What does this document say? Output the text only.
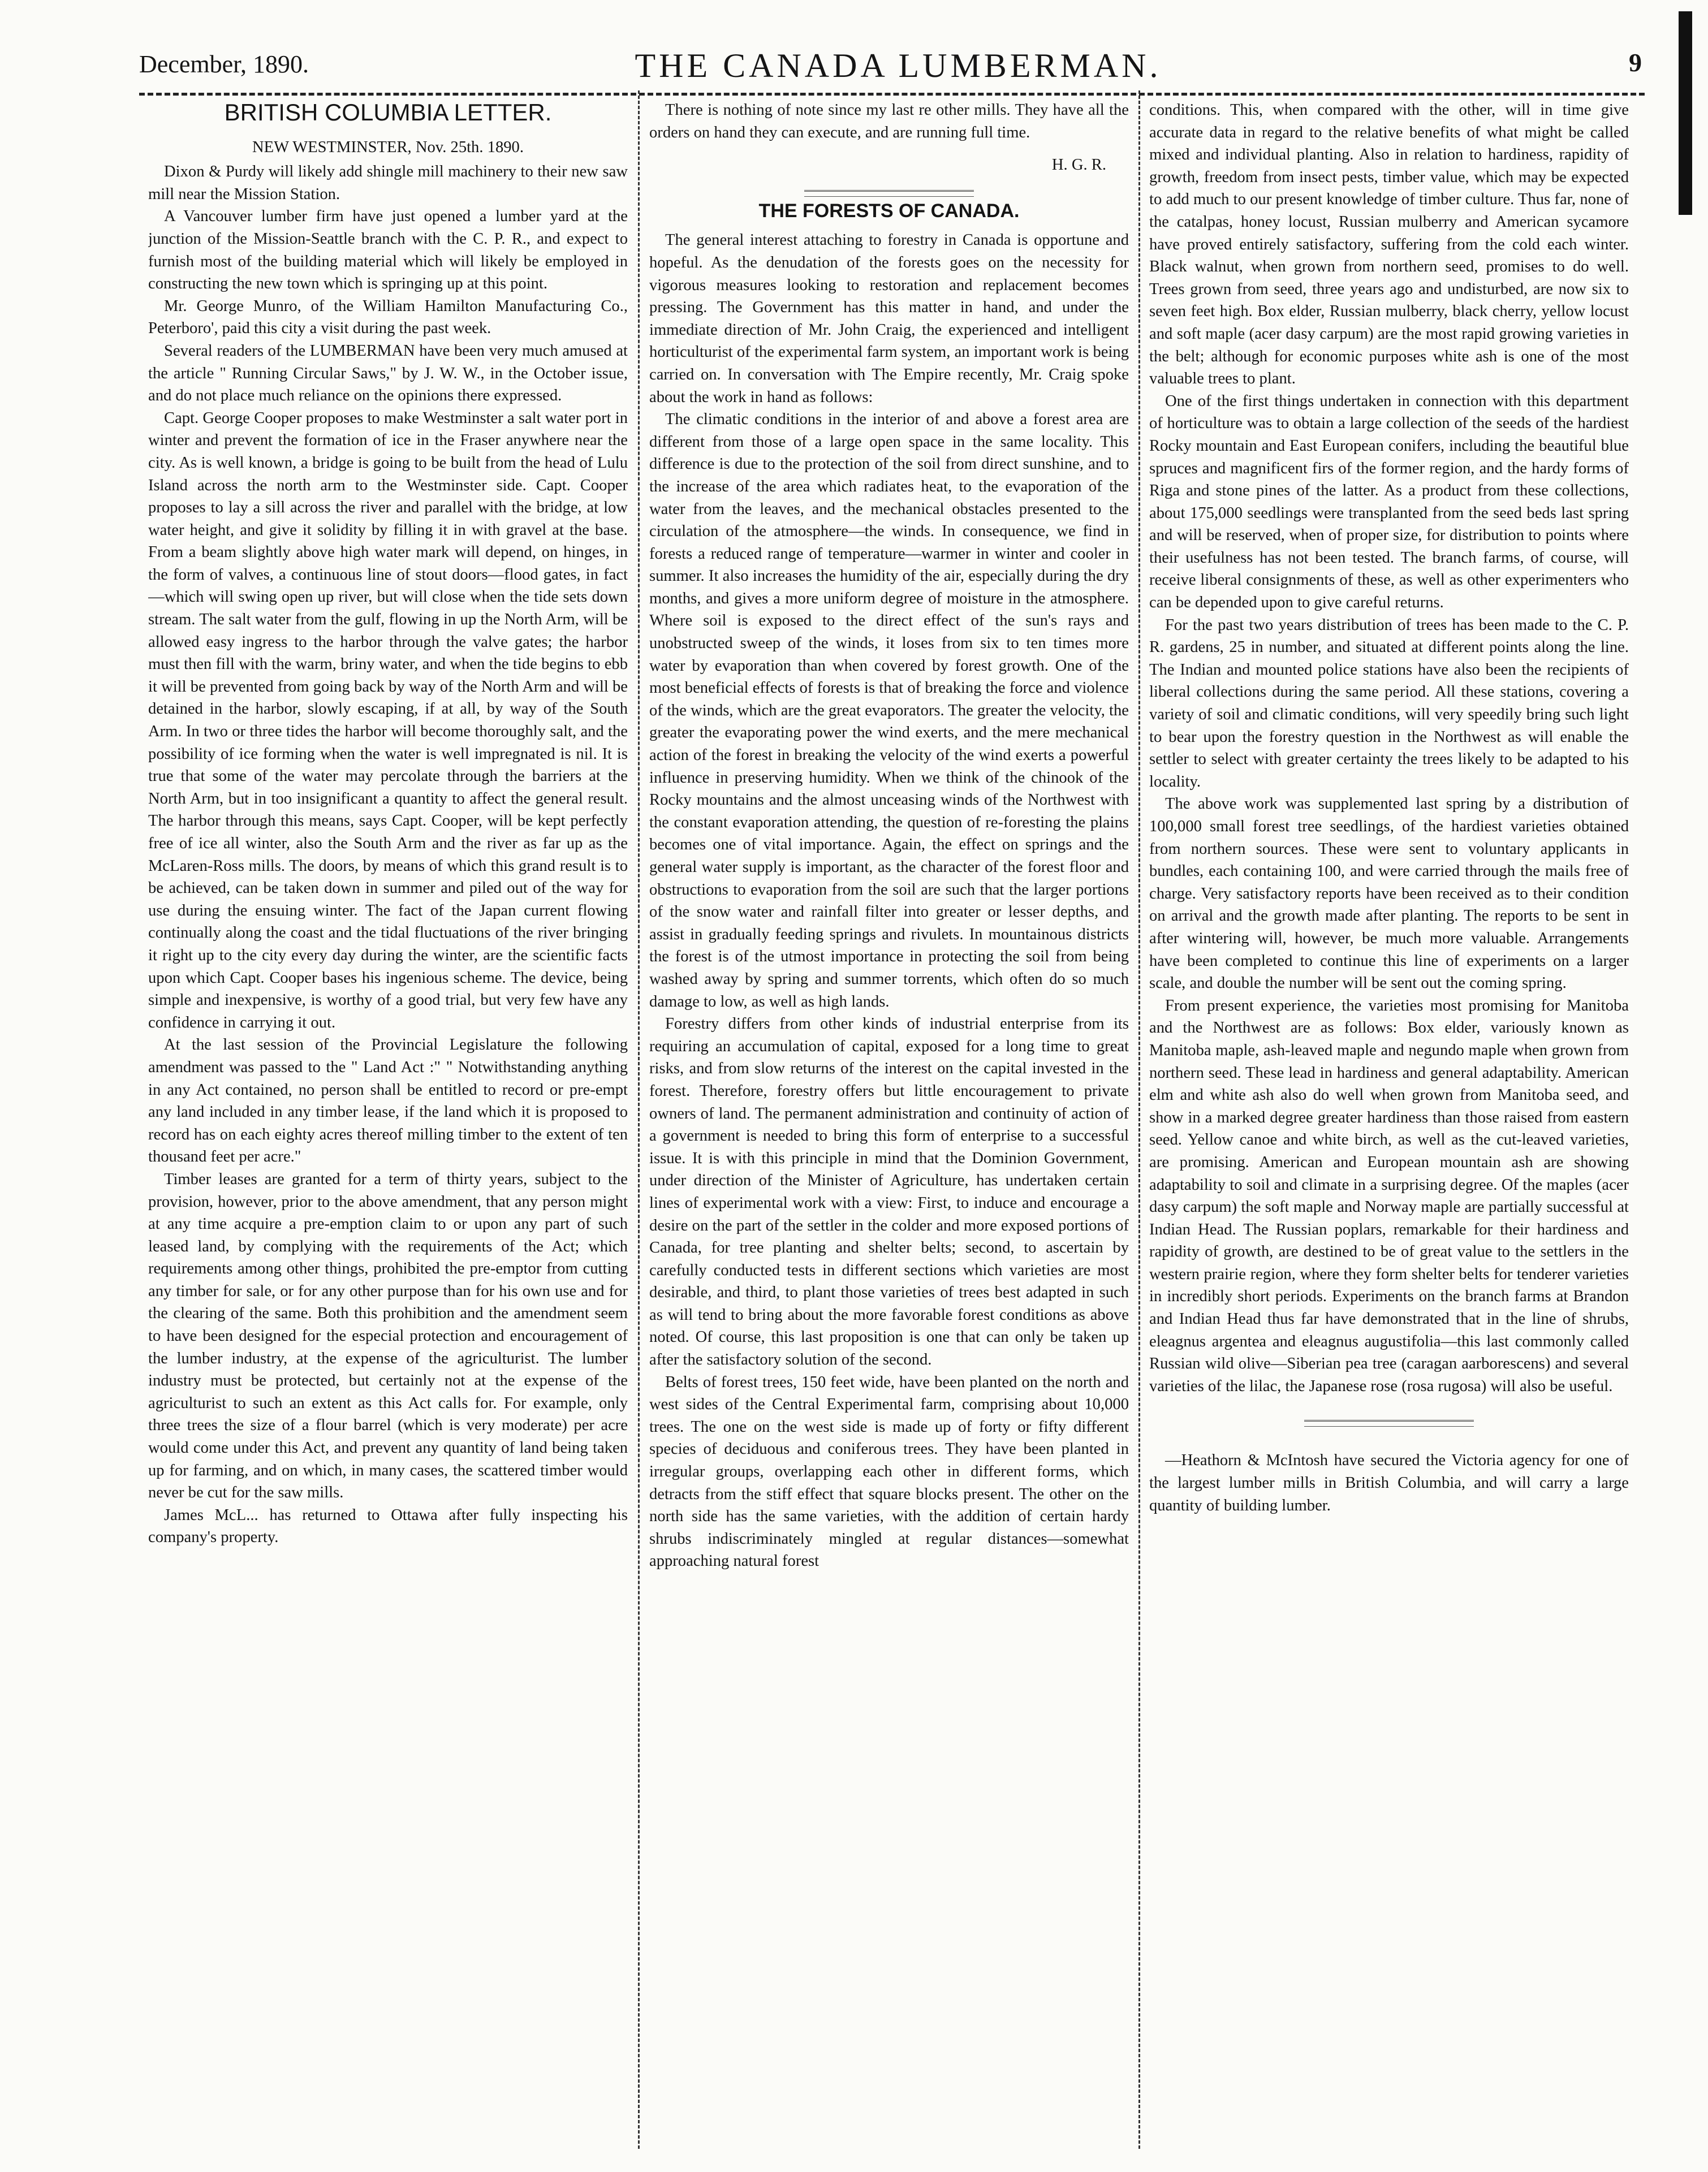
December, 1890.	THE CANADA LUMBERMAN.	9
BRITISH COLUMBIA LETTER.
NEW WESTMINSTER, Nov. 25th. 1890.

Dixon & Purdy will likely add shingle mill machinery to their new saw mill near the Mission Station.

A Vancouver lumber firm have just opened a lumber yard at the junction of the Mission-Seattle branch with the C. P. R., and expect to furnish most of the building material which will likely be employed in constructing the new town which is springing up at this point.

Mr. George Munro, of the William Hamilton Manufacturing Co., Peterboro', paid this city a visit during the past week.

Several readers of the LUMBERMAN have been very much amused at the article " Running Circular Saws," by J. W. W., in the October issue, and do not place much reliance on the opinions there expressed.

Capt. George Cooper proposes to make Westminster a salt water port in winter and prevent the formation of ice in the Fraser anywhere near the city. As is well known, a bridge is going to be built from the head of Lulu Island across the north arm to the Westminster side. Capt. Cooper proposes to lay a sill across the river and parallel with the bridge, at low water height, and give it solidity by filling it in with gravel at the base. From a beam slightly above high water mark will depend, on hinges, in the form of valves, a continuous line of stout doors—flood gates, in fact—which will swing open up river, but will close when the tide sets down stream. The salt water from the gulf, flowing in up the North Arm, will be allowed easy ingress to the harbor through the valve gates; the harbor must then fill with the warm, briny water, and when the tide begins to ebb it will be prevented from going back by way of the North Arm and will be detained in the harbor, slowly escaping, if at all, by way of the South Arm. In two or three tides the harbor will become thoroughly salt, and the possibility of ice forming when the water is well impregnated is nil. It is true that some of the water may percolate through the barriers at the North Arm, but in too insignificant a quantity to affect the general result. The harbor through this means, says Capt. Cooper, will be kept perfectly free of ice all winter, also the South Arm and the river as far up as the McLaren-Ross mills. The doors, by means of which this grand result is to be achieved, can be taken down in summer and piled out of the way for use during the ensuing winter. The fact of the Japan current flowing continually along the coast and the tidal fluctuations of the river bringing it right up to the city every day during the winter, are the scientific facts upon which Capt. Cooper bases his ingenious scheme. The device, being simple and inexpensive, is worthy of a good trial, but very few have any confidence in carrying it out.

At the last session of the Provincial Legislature the following amendment was passed to the " Land Act :" " Notwithstanding anything in any Act contained, no person shall be entitled to record or pre-empt any land included in any timber lease, if the land which it is proposed to record has on each eighty acres thereof milling timber to the extent of ten thousand feet per acre."

Timber leases are granted for a term of thirty years, subject to the provision, however, prior to the above amendment, that any person might at any time acquire a pre-emption claim to or upon any part of such leased land, by complying with the requirements of the Act; which requirements among other things, prohibited the pre-emptor from cutting any timber for sale, or for any other purpose than for his own use and for the clearing of the same. Both this prohibition and the amendment seem to have been designed for the especial protection and encouragement of the lumber industry, at the expense of the agriculturist. The lumber industry must be protected, but certainly not at the expense of the agriculturist to such an extent as this Act calls for. For example, only three trees the size of a flour barrel (which is very moderate) per acre would come under this Act, and prevent any quantity of land being taken up for farming, and on which, in many cases, the scattered timber would never be cut for the saw mills.

James McL... has returned to Ottawa after fully inspecting his company's property.

There is nothing of note since my last re other mills. They have all the orders on hand they can execute, and are running full time.

H. G. R.
THE FORESTS OF CANADA.

The general interest attaching to forestry in Canada is opportune and hopeful. As the denudation of the forests goes on the necessity for vigorous measures looking to restoration and replacement becomes pressing. The Government has this matter in hand, and under the immediate direction of Mr. John Craig, the experienced and intelligent horticulturist of the experimental farm system, an important work is being carried on. In conversation with The Empire recently, Mr. Craig spoke about the work in hand as follows:

The climatic conditions in the interior of and above a forest area are different from those of a large open space in the same locality. This difference is due to the protection of the soil from direct sunshine, and to the increase of the area which radiates heat, to the evaporation of the water from the leaves, and the mechanical obstacles presented to the circulation of the atmosphere—the winds. In consequence, we find in forests a reduced range of temperature—warmer in winter and cooler in summer. It also increases the humidity of the air, especially during the dry months, and gives a more uniform degree of moisture in the atmosphere. Where soil is exposed to the direct effect of the sun's rays and unobstructed sweep of the winds, it loses from six to ten times more water by evaporation than when covered by forest growth. One of the most beneficial effects of forests is that of breaking the force and violence of the winds, which are the great evaporators. The greater the velocity, the greater the evaporating power the wind exerts, and the mere mechanical action of the forest in breaking the velocity of the wind exerts a powerful influence in preserving humidity. When we think of the chinook of the Rocky mountains and the almost unceasing winds of the Northwest with the constant evaporation attending, the question of re-foresting the plains becomes one of vital importance. Again, the effect on springs and the general water supply is important, as the character of the forest floor and obstructions to evaporation from the soil are such that the larger portions of the snow water and rainfall filter into greater or lesser depths, and assist in gradually feeding springs and rivulets. In mountainous districts the forest is of the utmost importance in protecting the soil from being washed away by spring and summer torrents, which often do so much damage to low, as well as high lands.

Forestry differs from other kinds of industrial enterprise from its requiring an accumulation of capital, exposed for a long time to great risks, and from slow returns of the interest on the capital invested in the forest. Therefore, forestry offers but little encouragement to private owners of land. The permanent administration and continuity of action of a government is needed to bring this form of enterprise to a successful issue. It is with this principle in mind that the Dominion Government, under direction of the Minister of Agriculture, has undertaken certain lines of experimental work with a view: First, to induce and encourage a desire on the part of the settler in the colder and more exposed portions of Canada, for tree planting and shelter belts; second, to ascertain by carefully conducted tests in different sections which varieties are most desirable, and third, to plant those varieties of trees best adapted in such as will tend to bring about the more favorable forest conditions as above noted. Of course, this last proposition is one that can only be taken up after the satisfactory solution of the second.

Belts of forest trees, 150 feet wide, have been planted on the north and west sides of the Central Experimental farm, comprising about 10,000 trees. The one on the west side is made up of forty or fifty different species of deciduous and coniferous trees. They have been planted in irregular groups, overlapping each other in different forms, which detracts from the stiff effect that square blocks present. The other on the north side has the same varieties, with the addition of certain hardy shrubs indiscriminately mingled at regular distances—somewhat approaching natural forest

conditions. This, when compared with the other, will in time give accurate data in regard to the relative benefits of what might be called mixed and individual planting. Also in relation to hardiness, rapidity of growth, freedom from insect pests, timber value, which may be expected to add much to our present knowledge of timber culture. Thus far, none of the catalpas, honey locust, Russian mulberry and American sycamore have proved entirely satisfactory, suffering from the cold each winter. Black walnut, when grown from northern seed, promises to do well. Trees grown from seed, three years ago and undisturbed, are now six to seven feet high. Box elder, Russian mulberry, black cherry, yellow locust and soft maple (acer dasy carpum) are the most rapid growing varieties in the belt; although for economic purposes white ash is one of the most valuable trees to plant.

One of the first things undertaken in connection with this department of horticulture was to obtain a large collection of the seeds of the hardiest Rocky mountain and East European conifers, including the beautiful blue spruces and magnificent firs of the former region, and the hardy forms of Riga and stone pines of the latter. As a product from these collections, about 175,000 seedlings were transplanted from the seed beds last spring and will be reserved, when of proper size, for distribution to points where their usefulness has not been tested. The branch farms, of course, will receive liberal consignments of these, as well as other experimenters who can be depended upon to give careful returns.

For the past two years distribution of trees has been made to the C. P. R. gardens, 25 in number, and situated at different points along the line. The Indian and mounted police stations have also been the recipients of liberal collections during the same period. All these stations, covering a variety of soil and climatic conditions, will very speedily bring such light to bear upon the forestry question in the Northwest as will enable the settler to select with greater certainty the trees likely to be adapted to his locality.

The above work was supplemented last spring by a distribution of 100,000 small forest tree seedlings, of the hardiest varieties obtained from northern sources. These were sent to voluntary applicants in bundles, each containing 100, and were carried through the mails free of charge. Very satisfactory reports have been received as to their condition on arrival and the growth made after planting. The reports to be sent in after wintering will, however, be much more valuable. Arrangements have been completed to continue this line of experiments on a larger scale, and double the number will be sent out the coming spring.

From present experience, the varieties most promising for Manitoba and the Northwest are as follows: Box elder, variously known as Manitoba maple, ash-leaved maple and negundo maple when grown from northern seed. These lead in hardiness and general adaptability. American elm and white ash also do well when grown from Manitoba seed, and show in a marked degree greater hardiness than those raised from eastern seed. Yellow canoe and white birch, as well as the cut-leaved varieties, are promising. American and European mountain ash are showing adaptability to soil and climate in a surprising degree. Of the maples (acer dasy carpum) the soft maple and Norway maple are partially successful at Indian Head. The Russian poplars, remarkable for their hardiness and rapidity of growth, are destined to be of great value to the settlers in the western prairie region, where they form shelter belts for tenderer varieties in incredibly short periods. Experiments on the branch farms at Brandon and Indian Head thus far have demonstrated that in the line of shrubs, eleagnus argentea and eleagnus augustifolia—this last commonly called Russian wild olive—Siberian pea tree (caragan aarborescens) and several varieties of the lilac, the Japanese rose (rosa rugosa) will also be useful.

—Heathorn & McIntosh have secured the Victoria agency for one of the largest lumber mills in British Columbia, and will carry a large quantity of building lumber.
